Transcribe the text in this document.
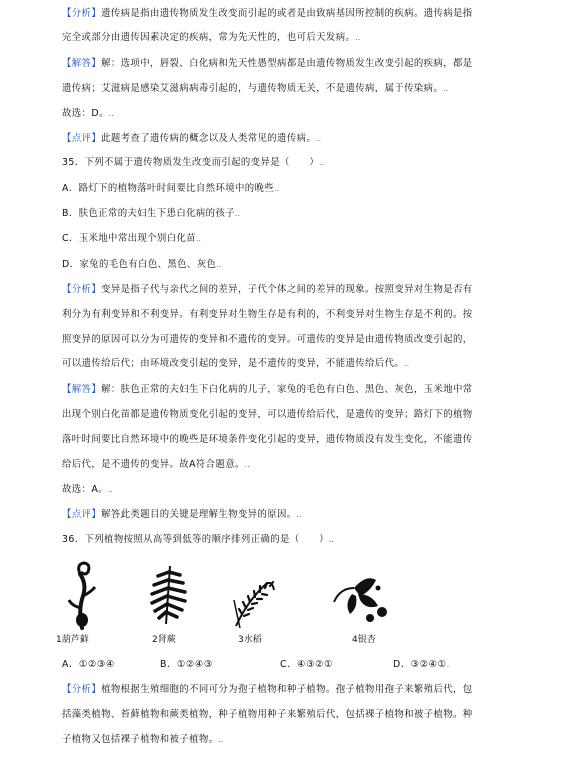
【分析】遗传病是指由遗传物质发生改变而引起的或者是由致病基因所控制的疾病。遗传病是指
完全或部分由遗传因素决定的疾病，常为先天性的，也可后天发病。..
【解答】解：选项中，唇裂、白化病和先天性愚型病都是由遗传物质发生改变引起的疾病，都是
遗传病；艾滋病是感染艾滋病病毒引起的，与遗传物质无关，不是遗传病，属于传染病。..
故选：D。..
【点评】此题考查了遗传病的概念以及人类常见的遗传病。..
35．下列不属于遗传物质发生改变而引起的变异是（　　）..
A．路灯下的植物落叶时间要比自然环境中的晚些..
B．肤色正常的夫妇生下患白化病的孩子..
C．玉米地中常出现个别白化苗..
D．家兔的毛色有白色、黑色、灰色..
【分析】变异是指子代与亲代之间的差异，子代个体之间的差异的现象。按照变异对生物是否有
利分为有利变异和不利变异。有利变异对生物生存是有利的，不利变异对生物生存是不利的。按
照变异的原因可以分为可遗传的变异和不遗传的变异。可遗传的变异是由遗传物质改变引起的，
可以遗传给后代；由环境改变引起的变异，是不遗传的变异，不能遗传给后代。..
【解答】解：肤色正常的夫妇生下白化病的儿子，家兔的毛色有白色、黑色、灰色，玉米地中常
出现个别白化苗都是遗传物质变化引起的变异，可以遗传给后代，是遗传的变异；路灯下的植物
落叶时间要比自然环境中的晚些是环境条件变化引起的变异，遗传物质没有发生变化，不能遗传
给后代，是不遗传的变异。故A符合题意。..
故选：A。..
【点评】解答此类题目的关键是理解生物变异的原因。..
36．下列植物按照从高等到低等的顺序排列正确的是（　　）..
1葫芦藓	2肾蕨	3水稻	4银杏
A．①②③④	B．①②④③	C．④③②①	D．③②④①.
【分析】植物根据生殖细胞的不同可分为孢子植物和种子植物。孢子植物用孢子来繁殖后代，包
括藻类植物、苔藓植物和蕨类植物，种子植物用种子来繁殖后代，包括裸子植物和被子植物。种
子植物又包括裸子植物和被子植物。..
